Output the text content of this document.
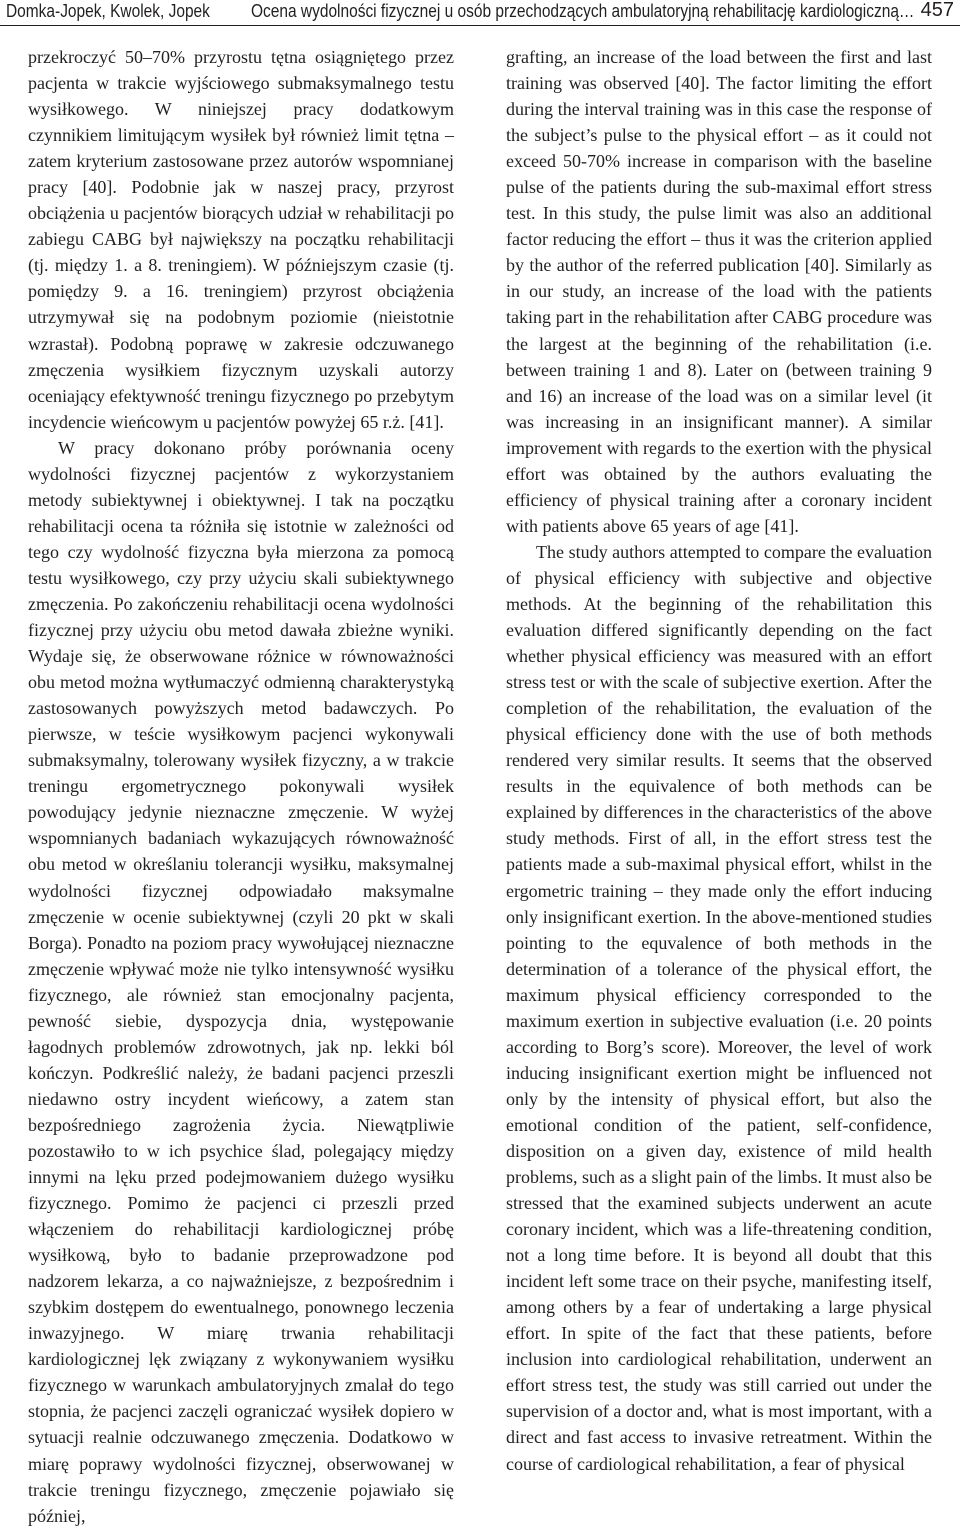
Domka-Jopek, Kwolek, Jopek Ocena wydolności fizycznej u osób przechodzących ambulatoryjną rehabilitację kardiologiczną… 457

przekroczyć 50–70% przyrostu tętna osiągniętego przez pacjenta w trakcie wyjściowego submaksymalnego testu wysiłkowego. W niniejszej pracy dodatkowym czynnikiem limitującym wysiłek był również limit tętna – zatem kryterium zastosowane przez autorów wspomnianej pracy [40]. Podobnie jak w naszej pracy, przyrost obciążenia u pacjentów biorących udział w rehabilitacji po zabiegu CABG był największy na początku rehabilitacji (tj. między 1. a 8. treningiem). W późniejszym czasie (tj. pomiędzy 9. a 16. treningiem) przyrost obciążenia utrzymywał się na podobnym poziomie (nieistotnie wzrastał). Podobną poprawę w zakresie odczuwanego zmęczenia wysiłkiem fizycznym uzyskali autorzy oceniający efektywność treningu fizycznego po przebytym incydencie wieńcowym u pacjentów powyżej 65 r.ż. [41].

W pracy dokonano próby porównania oceny wydolności fizycznej pacjentów z wykorzystaniem metody subiektywnej i obiektywnej. I tak na początku rehabilitacji ocena ta różniła się istotnie w zależności od tego czy wydolność fizyczna była mierzona za pomocą testu wysiłkowego, czy przy użyciu skali subiektywnego zmęczenia. Po zakończeniu rehabilitacji ocena wydolności fizycznej przy użyciu obu metod dawała zbieżne wyniki. Wydaje się, że obserwowane różnice w równoważności obu metod można wytłumaczyć odmienną charakterystyką zastosowanych powyższych metod badawczych. Po pierwsze, w teście wysiłkowym pacjenci wykonywali submaksymalny, tolerowany wysiłek fizyczny, a w trakcie treningu ergometrycznego pokonywali wysiłek powodujący jedynie nieznaczne zmęczenie. W wyżej wspomnianych badaniach wykazujących równoważność obu metod w określaniu tolerancji wysiłku, maksymalnej wydolności fizycznej odpowiadało maksymalne zmęczenie w ocenie subiektywnej (czyli 20 pkt w skali Borga). Ponadto na poziom pracy wywołującej nieznaczne zmęczenie wpływać może nie tylko intensywność wysiłku fizycznego, ale również stan emocjonalny pacjenta, pewność siebie, dyspozycja dnia, występowanie łagodnych problemów zdrowotnych, jak np. lekki ból kończyn. Podkreślić należy, że badani pacjenci przeszli niedawno ostry incydent wieńcowy, a zatem stan bezpośredniego zagrożenia życia. Niewątpliwie pozostawiło to w ich psychice ślad, polegający między innymi na lęku przed podejmowaniem dużego wysiłku fizycznego. Pomimo że pacjenci ci przeszli przed włączeniem do rehabilitacji kardiologicznej próbę wysiłkową, było to badanie przeprowadzone pod nadzorem lekarza, a co najważniejsze, z bezpośrednim i szybkim dostępem do ewentualnego, ponownego leczenia inwazyjnego. W miarę trwania rehabilitacji kardiologicznej lęk związany z wykonywaniem wysiłku fizycznego w warunkach ambulatoryjnych zmalał do tego stopnia, że pacjenci zaczęli ograniczać wysiłek dopiero w sytuacji realnie odczuwanego zmęczenia. Dodatkowo w miarę poprawy wydolności fizycznej, obserwowanej w trakcie treningu fizycznego, zmęczenie pojawiało się później,

grafting, an increase of the load between the first and last training was observed [40]. The factor limiting the effort during the interval training was in this case the response of the subject’s pulse to the physical effort – as it could not exceed 50-70% increase in comparison with the baseline pulse of the patients during the sub-maximal effort stress test. In this study, the pulse limit was also an additional factor reducing the effort – thus it was the criterion applied by the author of the referred publication [40]. Similarly as in our study, an increase of the load with the patients taking part in the rehabilitation after CABG procedure was the largest at the beginning of the rehabilitation (i.e. between training 1 and 8). Later on (between training 9 and 16) an increase of the load was on a similar level (it was increasing in an insignificant manner). A similar improvement with regards to the exertion with the physical effort was obtained by the authors evaluating the efficiency of physical training after a coronary incident with patients above 65 years of age [41].

The study authors attempted to compare the evaluation of physical efficiency with subjective and objective methods. At the beginning of the rehabilitation this evaluation differed significantly depending on the fact whether physical efficiency was measured with an effort stress test or with the scale of subjective exertion. After the completion of the rehabilitation, the evaluation of the physical efficiency done with the use of both methods rendered very similar results. It seems that the observed results in the equivalence of both methods can be explained by differences in the characteristics of the above study methods. First of all, in the effort stress test the patients made a sub-maximal physical effort, whilst in the ergometric training – they made only the effort inducing only insignificant exertion. In the above-mentioned studies pointing to the equvalence of both methods in the determination of a tolerance of the physical effort, the maximum physical efficiency corresponded to the maximum exertion in subjective evaluation (i.e. 20 points according to Borg’s score). Moreover, the level of work inducing insignificant exertion might be influenced not only by the intensity of physical effort, but also the emotional condition of the patient, self-confidence, disposition on a given day, existence of mild health problems, such as a slight pain of the limbs. It must also be stressed that the examined subjects underwent an acute coronary incident, which was a life-threatening condition, not a long time before. It is beyond all doubt that this incident left some trace on their psyche, manifesting itself, among others by a fear of undertaking a large physical effort. In spite of the fact that these patients, before inclusion into cardiological rehabilitation, underwent an effort stress test, the study was still carried out under the supervision of a doctor and, what is most important, with a direct and fast access to invasive retreatment. Within the course of cardiological rehabilitation, a fear of physical
